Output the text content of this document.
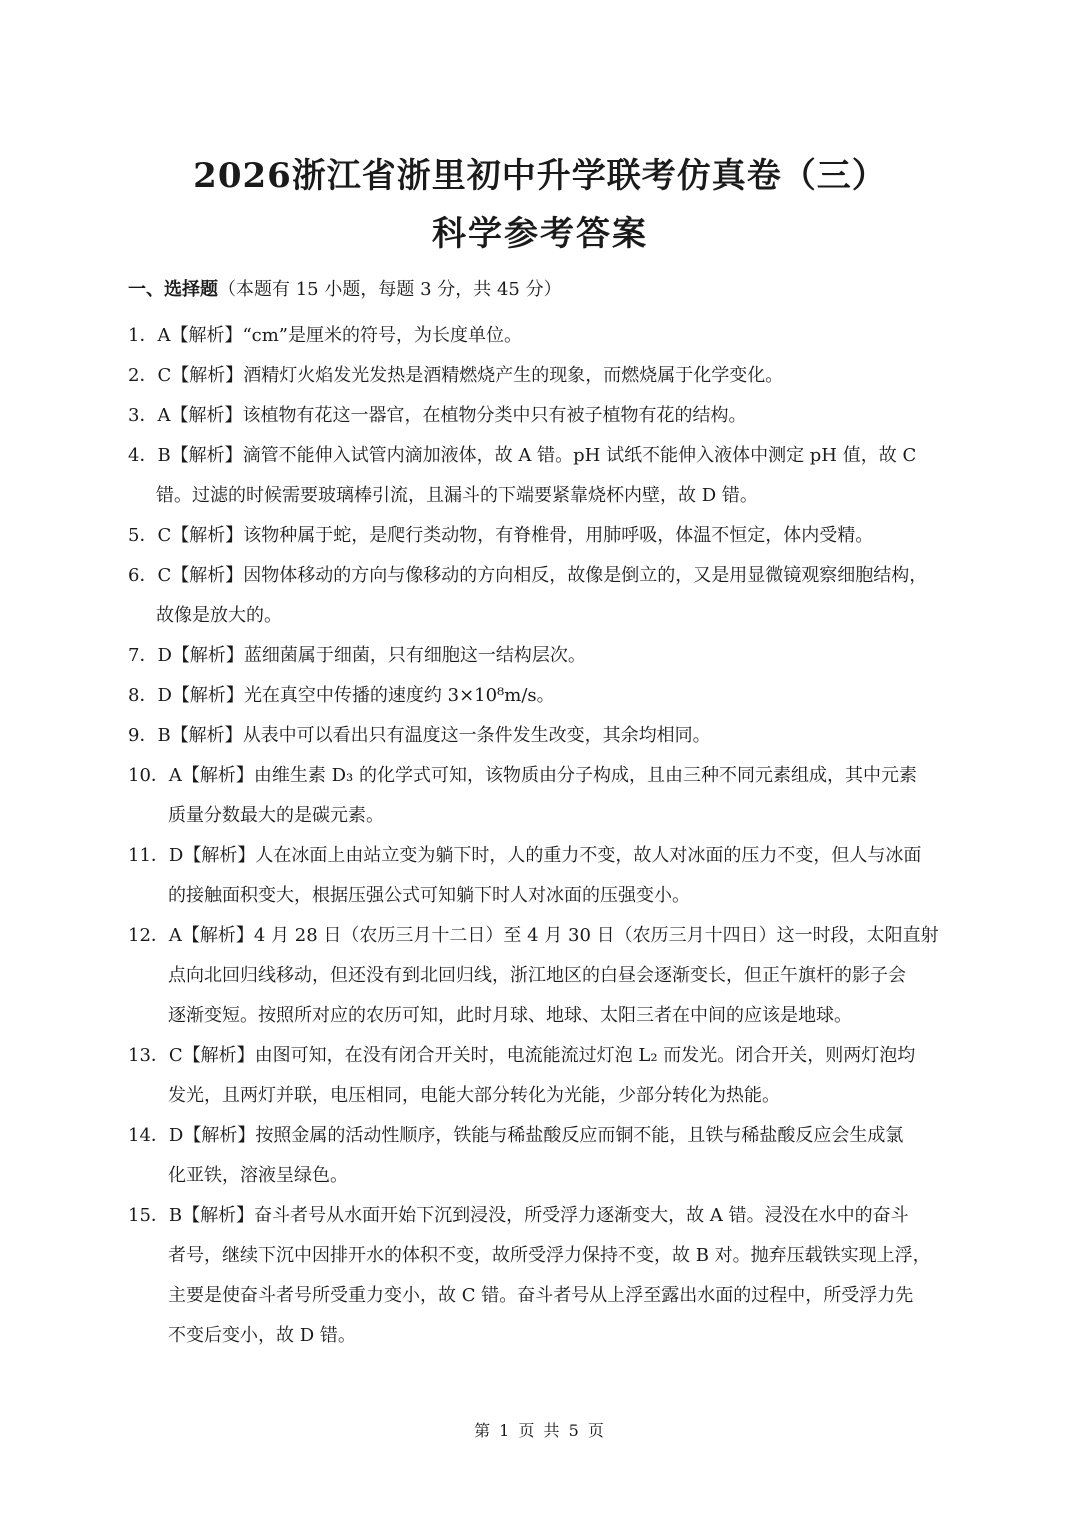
2026浙江省浙里初中升学联考仿真卷（三）
科学参考答案
一、选择题（本题有 15 小题，每题 3 分，共 45 分）
1．A【解析】“cm”是厘米的符号，为长度单位。
2．C【解析】酒精灯火焰发光发热是酒精燃烧产生的现象，而燃烧属于化学变化。
3．A【解析】该植物有花这一器官，在植物分类中只有被子植物有花的结构。
4．B【解析】滴管不能伸入试管内滴加液体，故 A 错。pH 试纸不能伸入液体中测定 pH 值，故 C
错。过滤的时候需要玻璃棒引流，且漏斗的下端要紧靠烧杯内壁，故 D 错。
5．C【解析】该物种属于蛇，是爬行类动物，有脊椎骨，用肺呼吸，体温不恒定，体内受精。
6．C【解析】因物体移动的方向与像移动的方向相反，故像是倒立的，又是用显微镜观察细胞结构，
故像是放大的。
7．D【解析】蓝细菌属于细菌，只有细胞这一结构层次。
8．D【解析】光在真空中传播的速度约 3×10⁸m/s。
9．B【解析】从表中可以看出只有温度这一条件发生改变，其余均相同。
10．A【解析】由维生素 D₃ 的化学式可知，该物质由分子构成，且由三种不同元素组成，其中元素
质量分数最大的是碳元素。
11．D【解析】人在冰面上由站立变为躺下时，人的重力不变，故人对冰面的压力不变，但人与冰面
的接触面积变大，根据压强公式可知躺下时人对冰面的压强变小。
12．A【解析】4 月 28 日（农历三月十二日）至 4 月 30 日（农历三月十四日）这一时段，太阳直射
点向北回归线移动，但还没有到北回归线，浙江地区的白昼会逐渐变长，但正午旗杆的影子会
逐渐变短。按照所对应的农历可知，此时月球、地球、太阳三者在中间的应该是地球。
13．C【解析】由图可知，在没有闭合开关时，电流能流过灯泡 L₂ 而发光。闭合开关，则两灯泡均
发光，且两灯并联，电压相同，电能大部分转化为光能，少部分转化为热能。
14．D【解析】按照金属的活动性顺序，铁能与稀盐酸反应而铜不能，且铁与稀盐酸反应会生成氯
化亚铁，溶液呈绿色。
15．B【解析】奋斗者号从水面开始下沉到浸没，所受浮力逐渐变大，故 A 错。浸没在水中的奋斗
者号，继续下沉中因排开水的体积不变，故所受浮力保持不变，故 B 对。抛弃压载铁实现上浮，
主要是使奋斗者号所受重力变小，故 C 错。奋斗者号从上浮至露出水面的过程中，所受浮力先
不变后变小，故 D 错。
第 1 页 共 5 页
